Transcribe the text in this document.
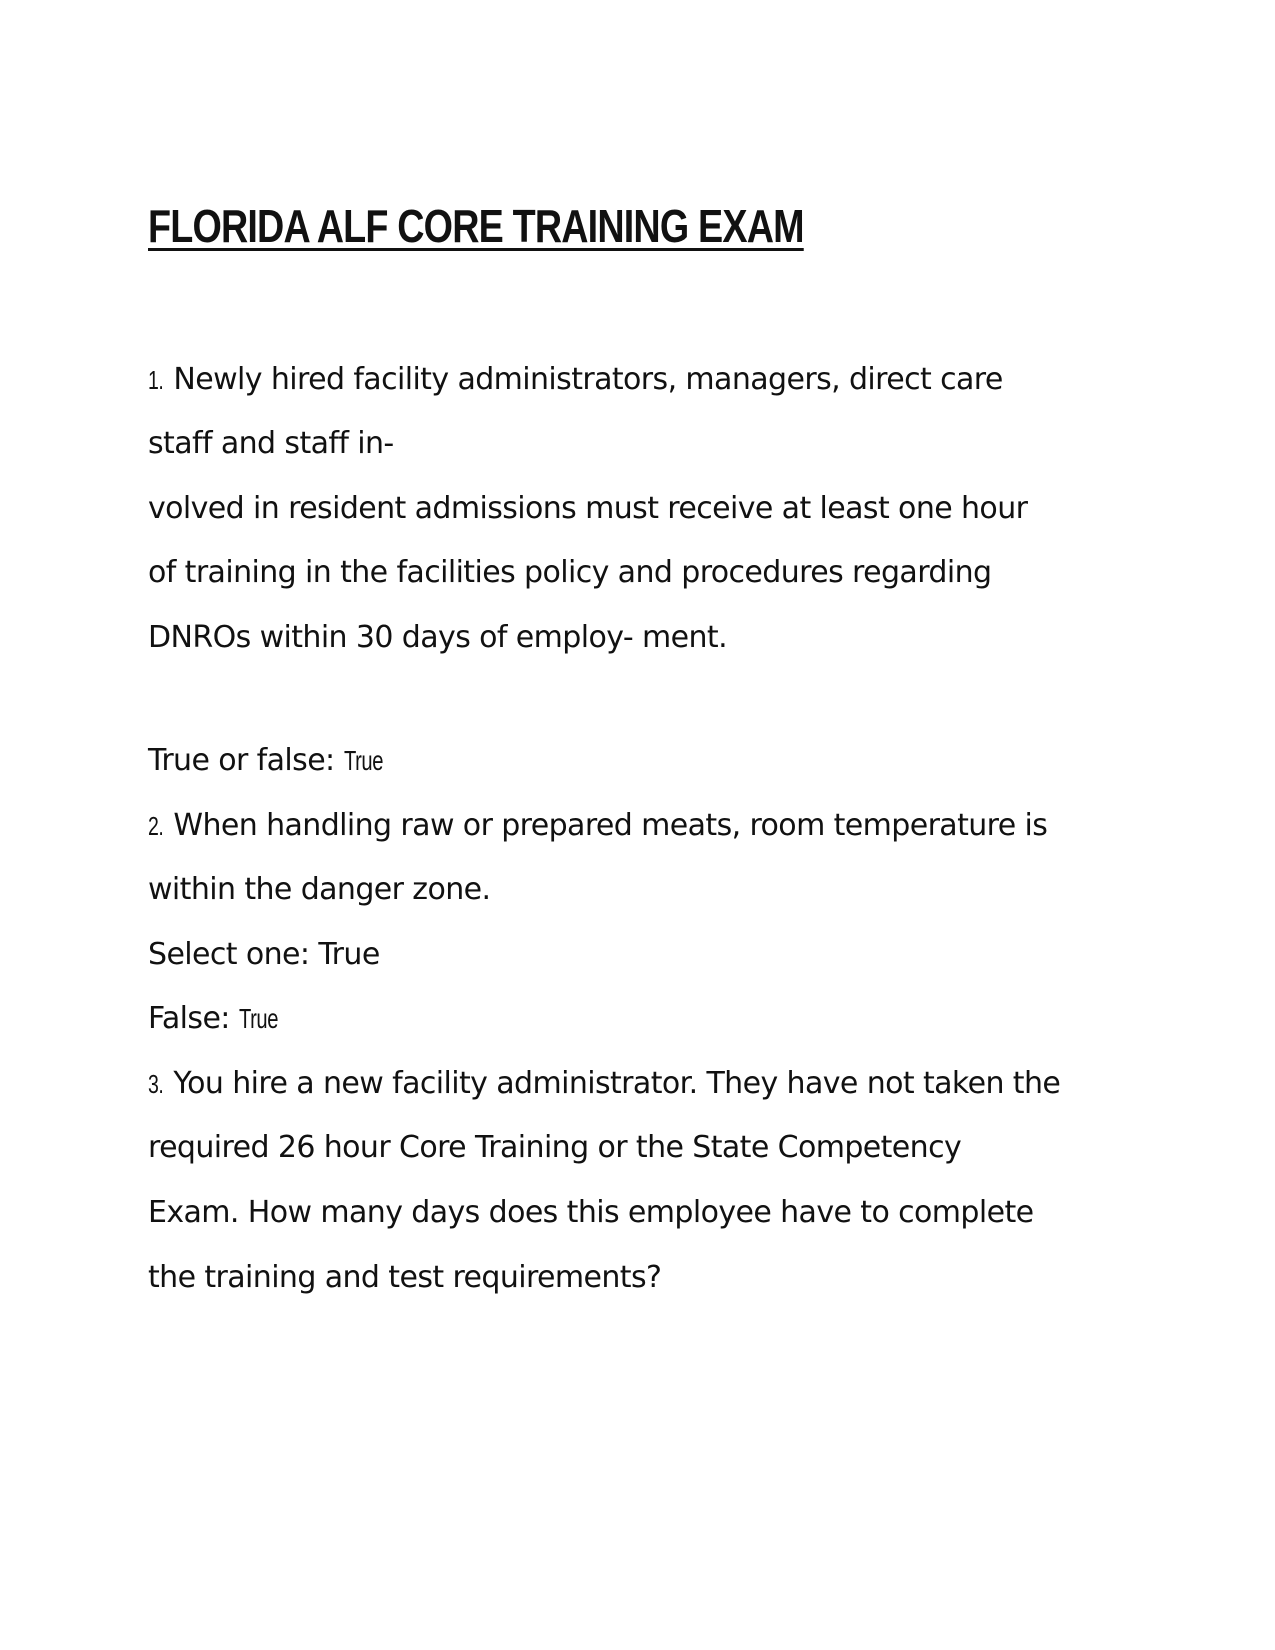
FLORIDA ALF CORE TRAINING EXAM

1. Newly hired facility administrators, managers, direct care

staff and staff in-

volved in resident admissions must receive at least one hour

of training in the facilities policy and procedures regarding

DNROs within 30 days of employ- ment.

True or false: True

2. When handling raw or prepared meats, room temperature is

within the danger zone.

Select one: True

False: True

3. You hire a new facility administrator. They have not taken the

required 26 hour Core Training or the State Competency

Exam. How many days does this employee have to complete

the training and test requirements?
